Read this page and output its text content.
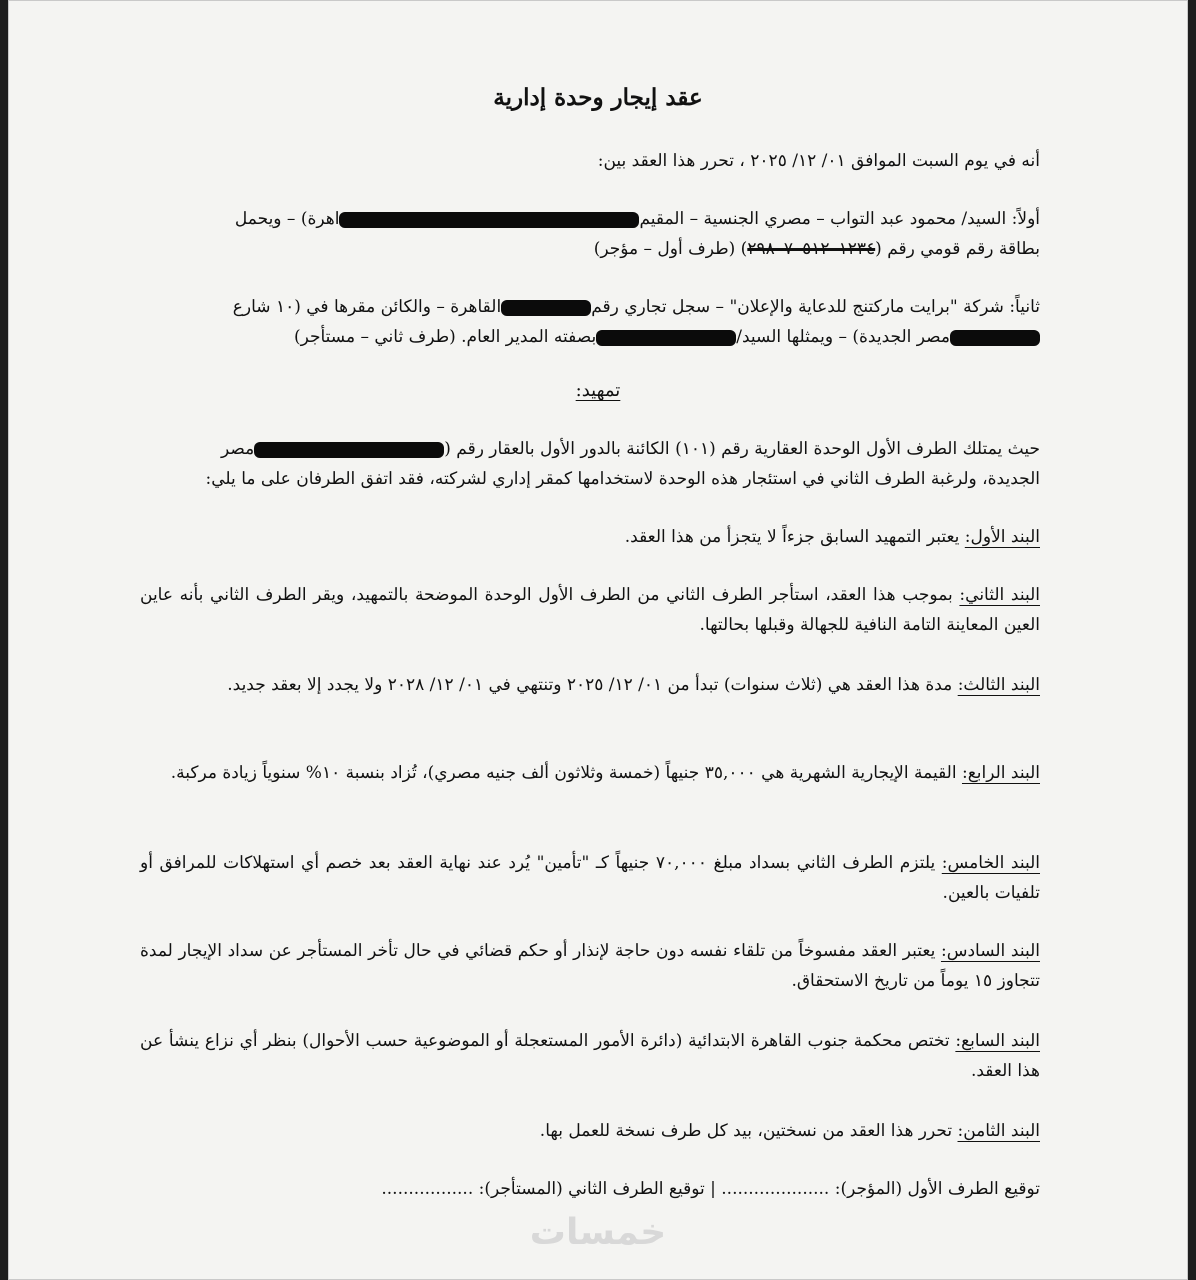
عقد إيجار وحدة إدارية
أنه في يوم السبت الموافق ٠١/ ١٢/ ٢٠٢٥ ، تحرر هذا العقد بين:
أولاً: السيد/ محمود عبد التواب – مصري الجنسية – المقيماهرة) – ويحمل
بطاقة رقم قومي رقم (٢٩٨٠٧٠٥١٢٠١٢٣٤) (طرف أول – مؤجر)
ثانياً: شركة "برايت ماركتنج للدعاية والإعلان" – سجل تجاري رقمالقاهرة – والكائن مقرها في (١٠ شارع
مصر الجديدة) – ويمثلها السيد/بصفته المدير العام. (طرف ثاني – مستأجر)
تمهيد:
حيث يمتلك الطرف الأول الوحدة العقارية رقم (١٠١) الكائنة بالدور الأول بالعقار رقم (مصر
الجديدة، ولرغبة الطرف الثاني في استئجار هذه الوحدة لاستخدامها كمقر إداري لشركته، فقد اتفق الطرفان على ما يلي:
البند الأول: يعتبر التمهيد السابق جزءاً لا يتجزأ من هذا العقد.
البند الثاني: بموجب هذا العقد، استأجر الطرف الثاني من الطرف الأول الوحدة الموضحة بالتمهيد، ويقر الطرف الثاني بأنه عاين العين المعاينة التامة النافية للجهالة وقبلها بحالتها.
البند الثالث: مدة هذا العقد هي (ثلاث سنوات) تبدأ من ٠١/ ١٢/ ٢٠٢٥ وتنتهي في ٠١/ ١٢/ ٢٠٢٨ ولا يجدد إلا بعقد جديد.
البند الرابع: القيمة الإيجارية الشهرية هي ٣٥,٠٠٠ جنيهاً (خمسة وثلاثون ألف جنيه مصري)، تُزاد بنسبة ١٠% سنوياً زيادة مركبة.
البند الخامس: يلتزم الطرف الثاني بسداد مبلغ ٧٠,٠٠٠ جنيهاً كـ "تأمين" يُرد عند نهاية العقد بعد خصم أي استهلاكات للمرافق أو تلفيات بالعين.
البند السادس: يعتبر العقد مفسوخاً من تلقاء نفسه دون حاجة لإنذار أو حكم قضائي في حال تأخر المستأجر عن سداد الإيجار لمدة تتجاوز ١٥ يوماً من تاريخ الاستحقاق.
البند السابع: تختص محكمة جنوب القاهرة الابتدائية (دائرة الأمور المستعجلة أو الموضوعية حسب الأحوال) بنظر أي نزاع ينشأ عن هذا العقد.
البند الثامن: تحرر هذا العقد من نسختين، بيد كل طرف نسخة للعمل بها.
توقيع الطرف الأول (المؤجر): .................... | توقيع الطرف الثاني (المستأجر): .................
خمسات
